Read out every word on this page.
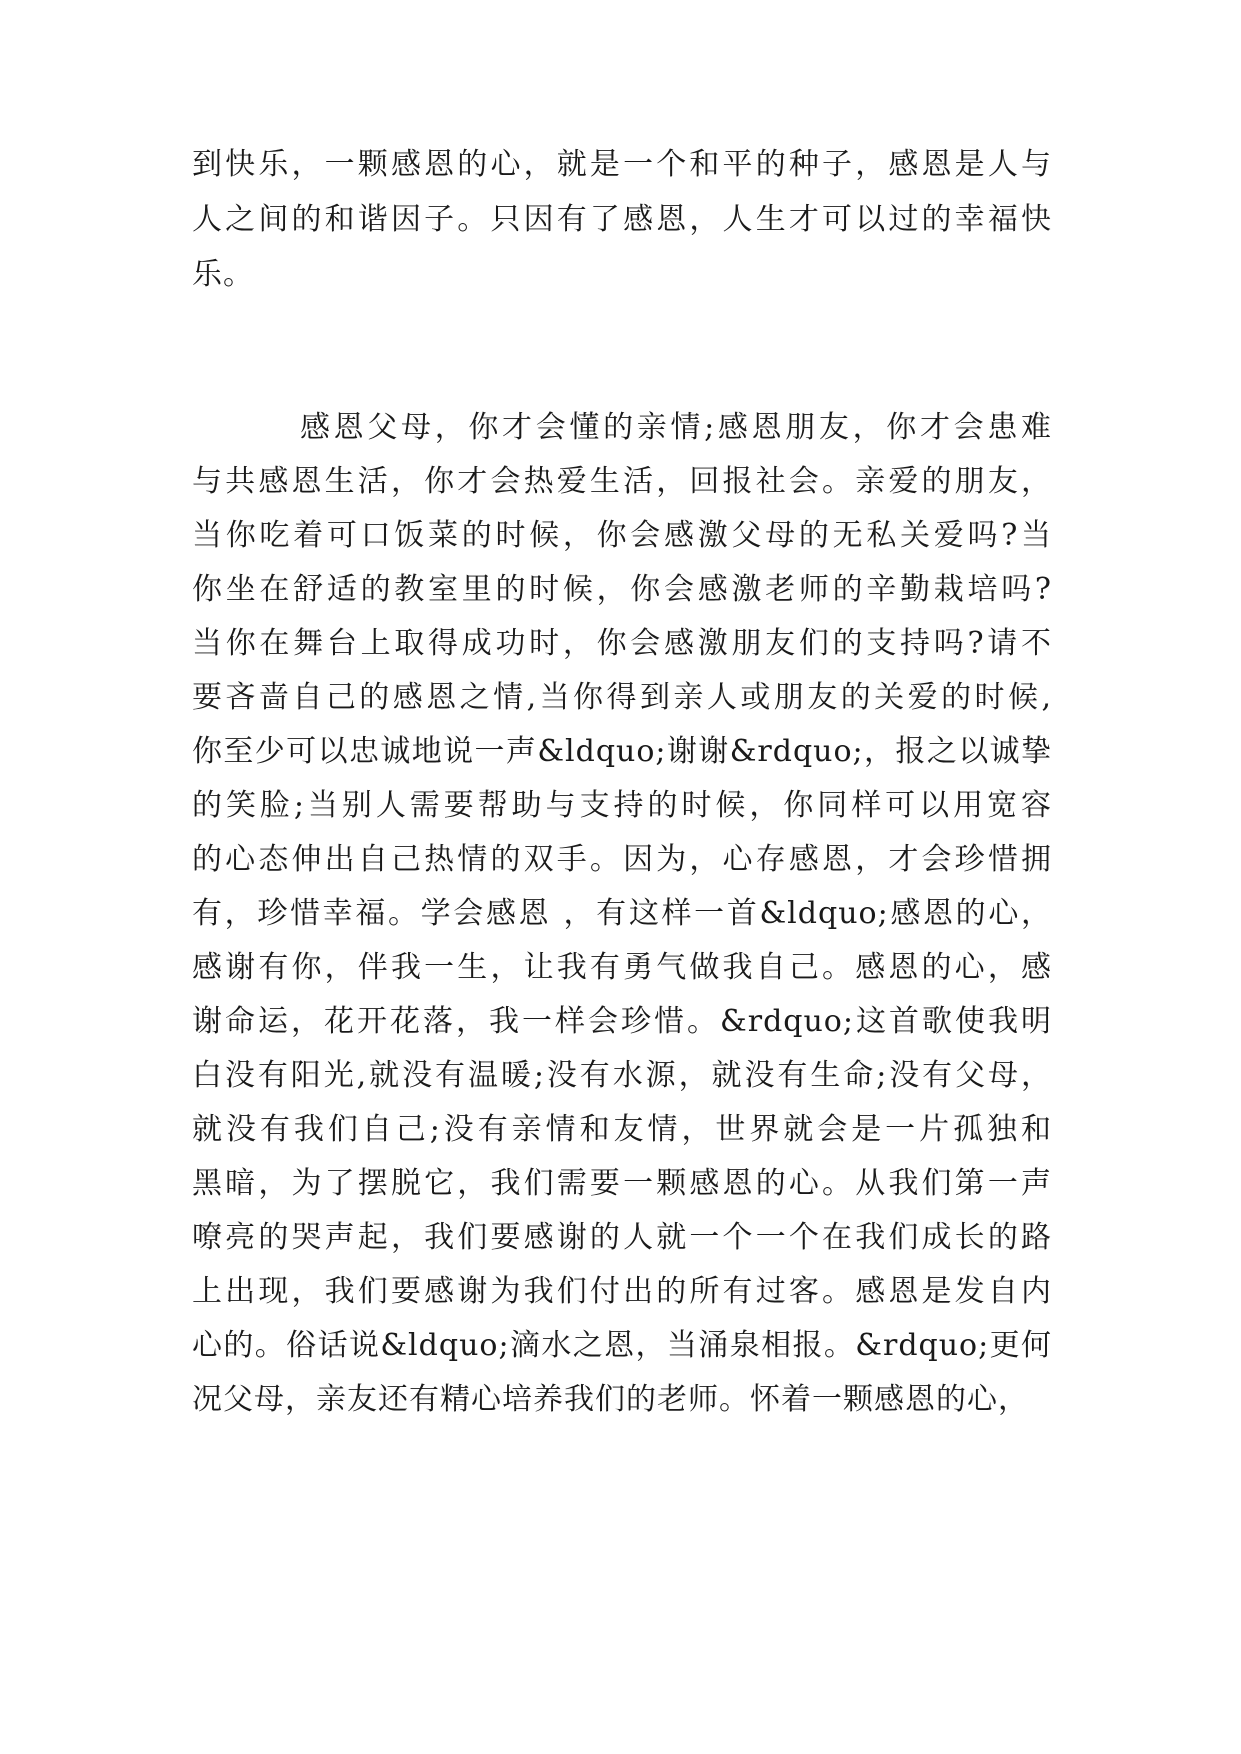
到快乐，一颗感恩的心，就是一个和平的种子，感恩是人与
人之间的和谐因子。只因有了感恩，人生才可以过的幸福快
乐。
感恩父母，你才会懂的亲情;感恩朋友，你才会患难
与共感恩生活，你才会热爱生活，回报社会。亲爱的朋友，
当你吃着可口饭菜的时候，你会感激父母的无私关爱吗?当
你坐在舒适的教室里的时候，你会感激老师的辛勤栽培吗?
当你在舞台上取得成功时，你会感激朋友们的支持吗?请不
要吝啬自己的感恩之情,当你得到亲人或朋友的关爱的时候,
你至少可以忠诚地说一声&ldquo;谢谢&rdquo;，报之以诚挚
的笑脸;当别人需要帮助与支持的时候，你同样可以用宽容
的心态伸出自己热情的双手。因为，心存感恩，才会珍惜拥
有，珍惜幸福。学会感恩 ，有这样一首&ldquo;感恩的心，
感谢有你，伴我一生，让我有勇气做我自己。感恩的心，感
谢命运，花开花落，我一样会珍惜。&rdquo;这首歌使我明
白没有阳光,就没有温暖;没有水源，就没有生命;没有父母，
就没有我们自己;没有亲情和友情，世界就会是一片孤独和
黑暗，为了摆脱它，我们需要一颗感恩的心。从我们第一声
嘹亮的哭声起，我们要感谢的人就一个一个在我们成长的路
上出现，我们要感谢为我们付出的所有过客。感恩是发自内
心的。俗话说&ldquo;滴水之恩，当涌泉相报。&rdquo;更何
况父母，亲友还有精心培养我们的老师。怀着一颗感恩的心，
